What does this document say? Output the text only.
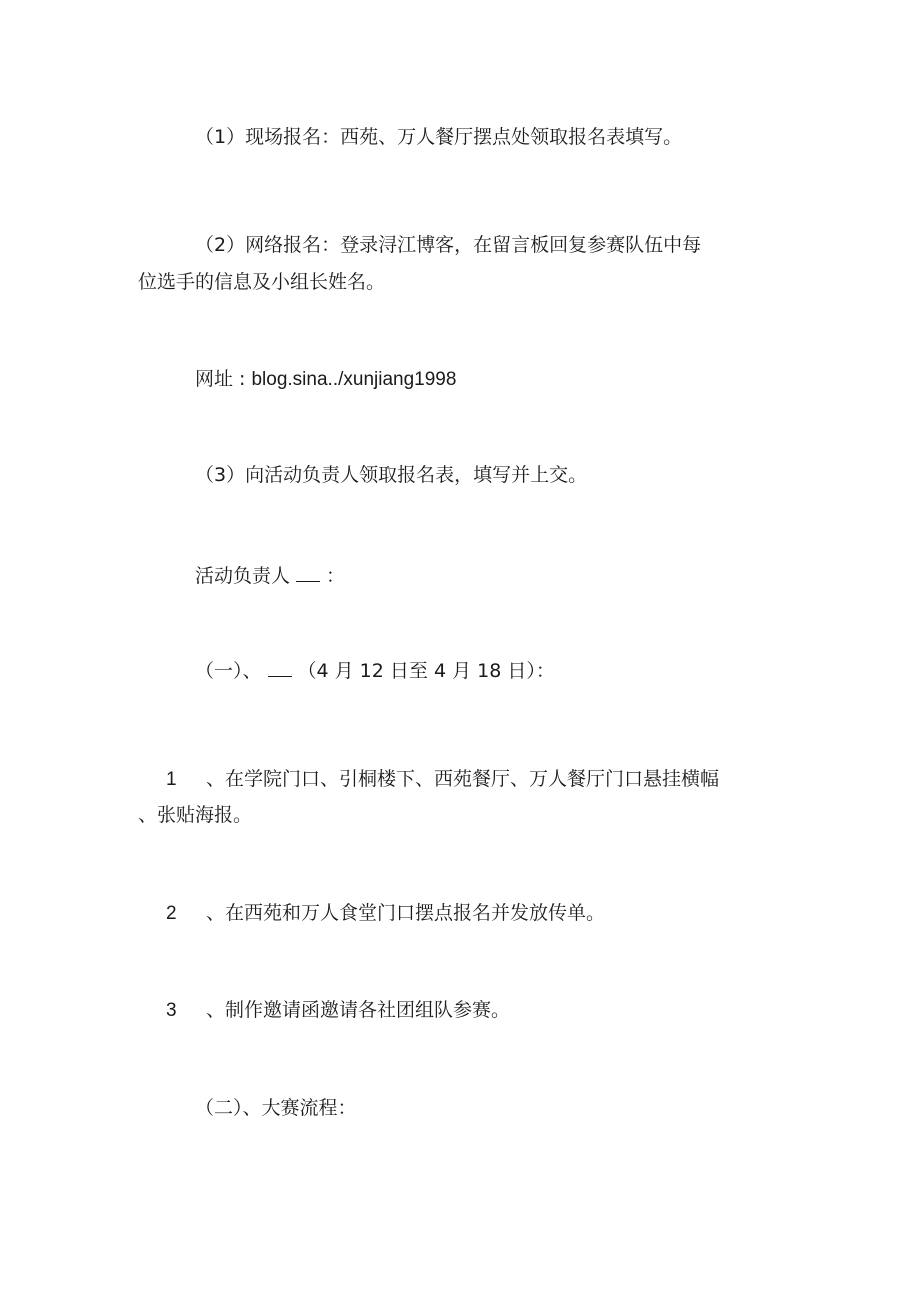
（1）现场报名：西苑、万人餐厅摆点处领取报名表填写。
（2）网络报名：登录浔江博客，在留言板回复参赛队伍中每
位选手的信息及小组长姓名。
网址 : blog.sina../xunjiang1998
（3）向活动负责人领取报名表，填写并上交。
活动负责人 ：
（一）、 （4 月 12 日至 4 月 18 日）：
1 、在学院门口、引桐楼下、西苑餐厅、万人餐厅门口悬挂横幅
、张贴海报。
2 、在西苑和万人食堂门口摆点报名并发放传单。
3 、制作邀请函邀请各社团组队参赛。
（二）、大赛流程：
